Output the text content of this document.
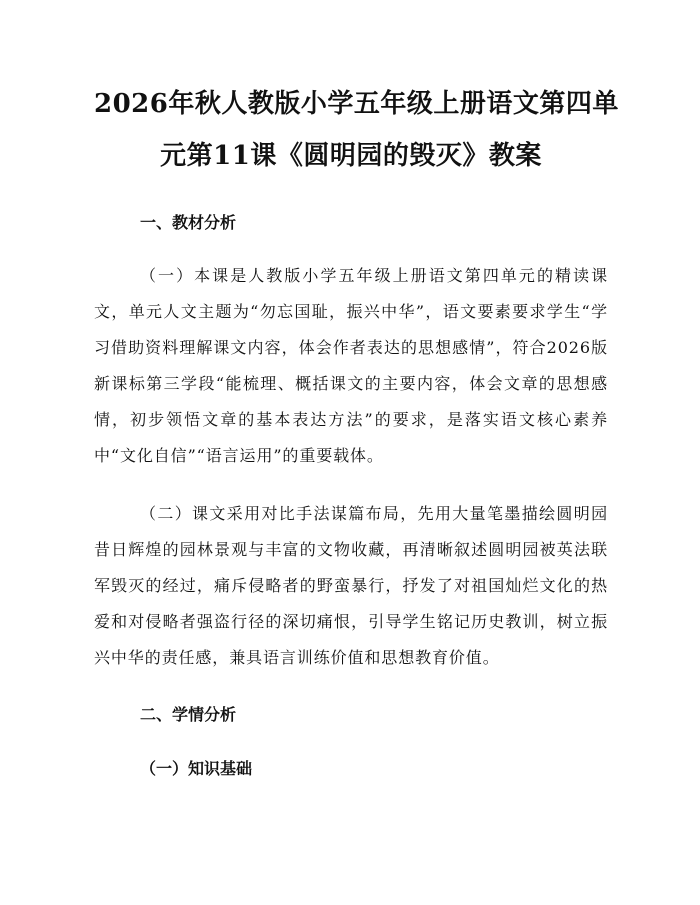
2026年秋人教版小学五年级上册语文第四单
元第11课《圆明园的毁灭》教案
一、教材分析

（一）本课是人教版小学五年级上册语文第四单元的精读课文，单元人文主题为“勿忘国耻，振兴中华”，语文要素要求学生“学习借助资料理解课文内容，体会作者表达的思想感情”，符合2026版新课标第三学段“能梳理、概括课文的主要内容，体会文章的思想感情，初步领悟文章的基本表达方法”的要求，是落实语文核心素养中“文化自信”“语言运用”的重要载体。

（二）课文采用对比手法谋篇布局，先用大量笔墨描绘圆明园昔日辉煌的园林景观与丰富的文物收藏，再清晰叙述圆明园被英法联军毁灭的经过，痛斥侵略者的野蛮暴行，抒发了对祖国灿烂文化的热爱和对侵略者强盗行径的深切痛恨，引导学生铭记历史教训，树立振兴中华的责任感，兼具语言训练价值和思想教育价值。

二、学情分析
（一）知识基础
